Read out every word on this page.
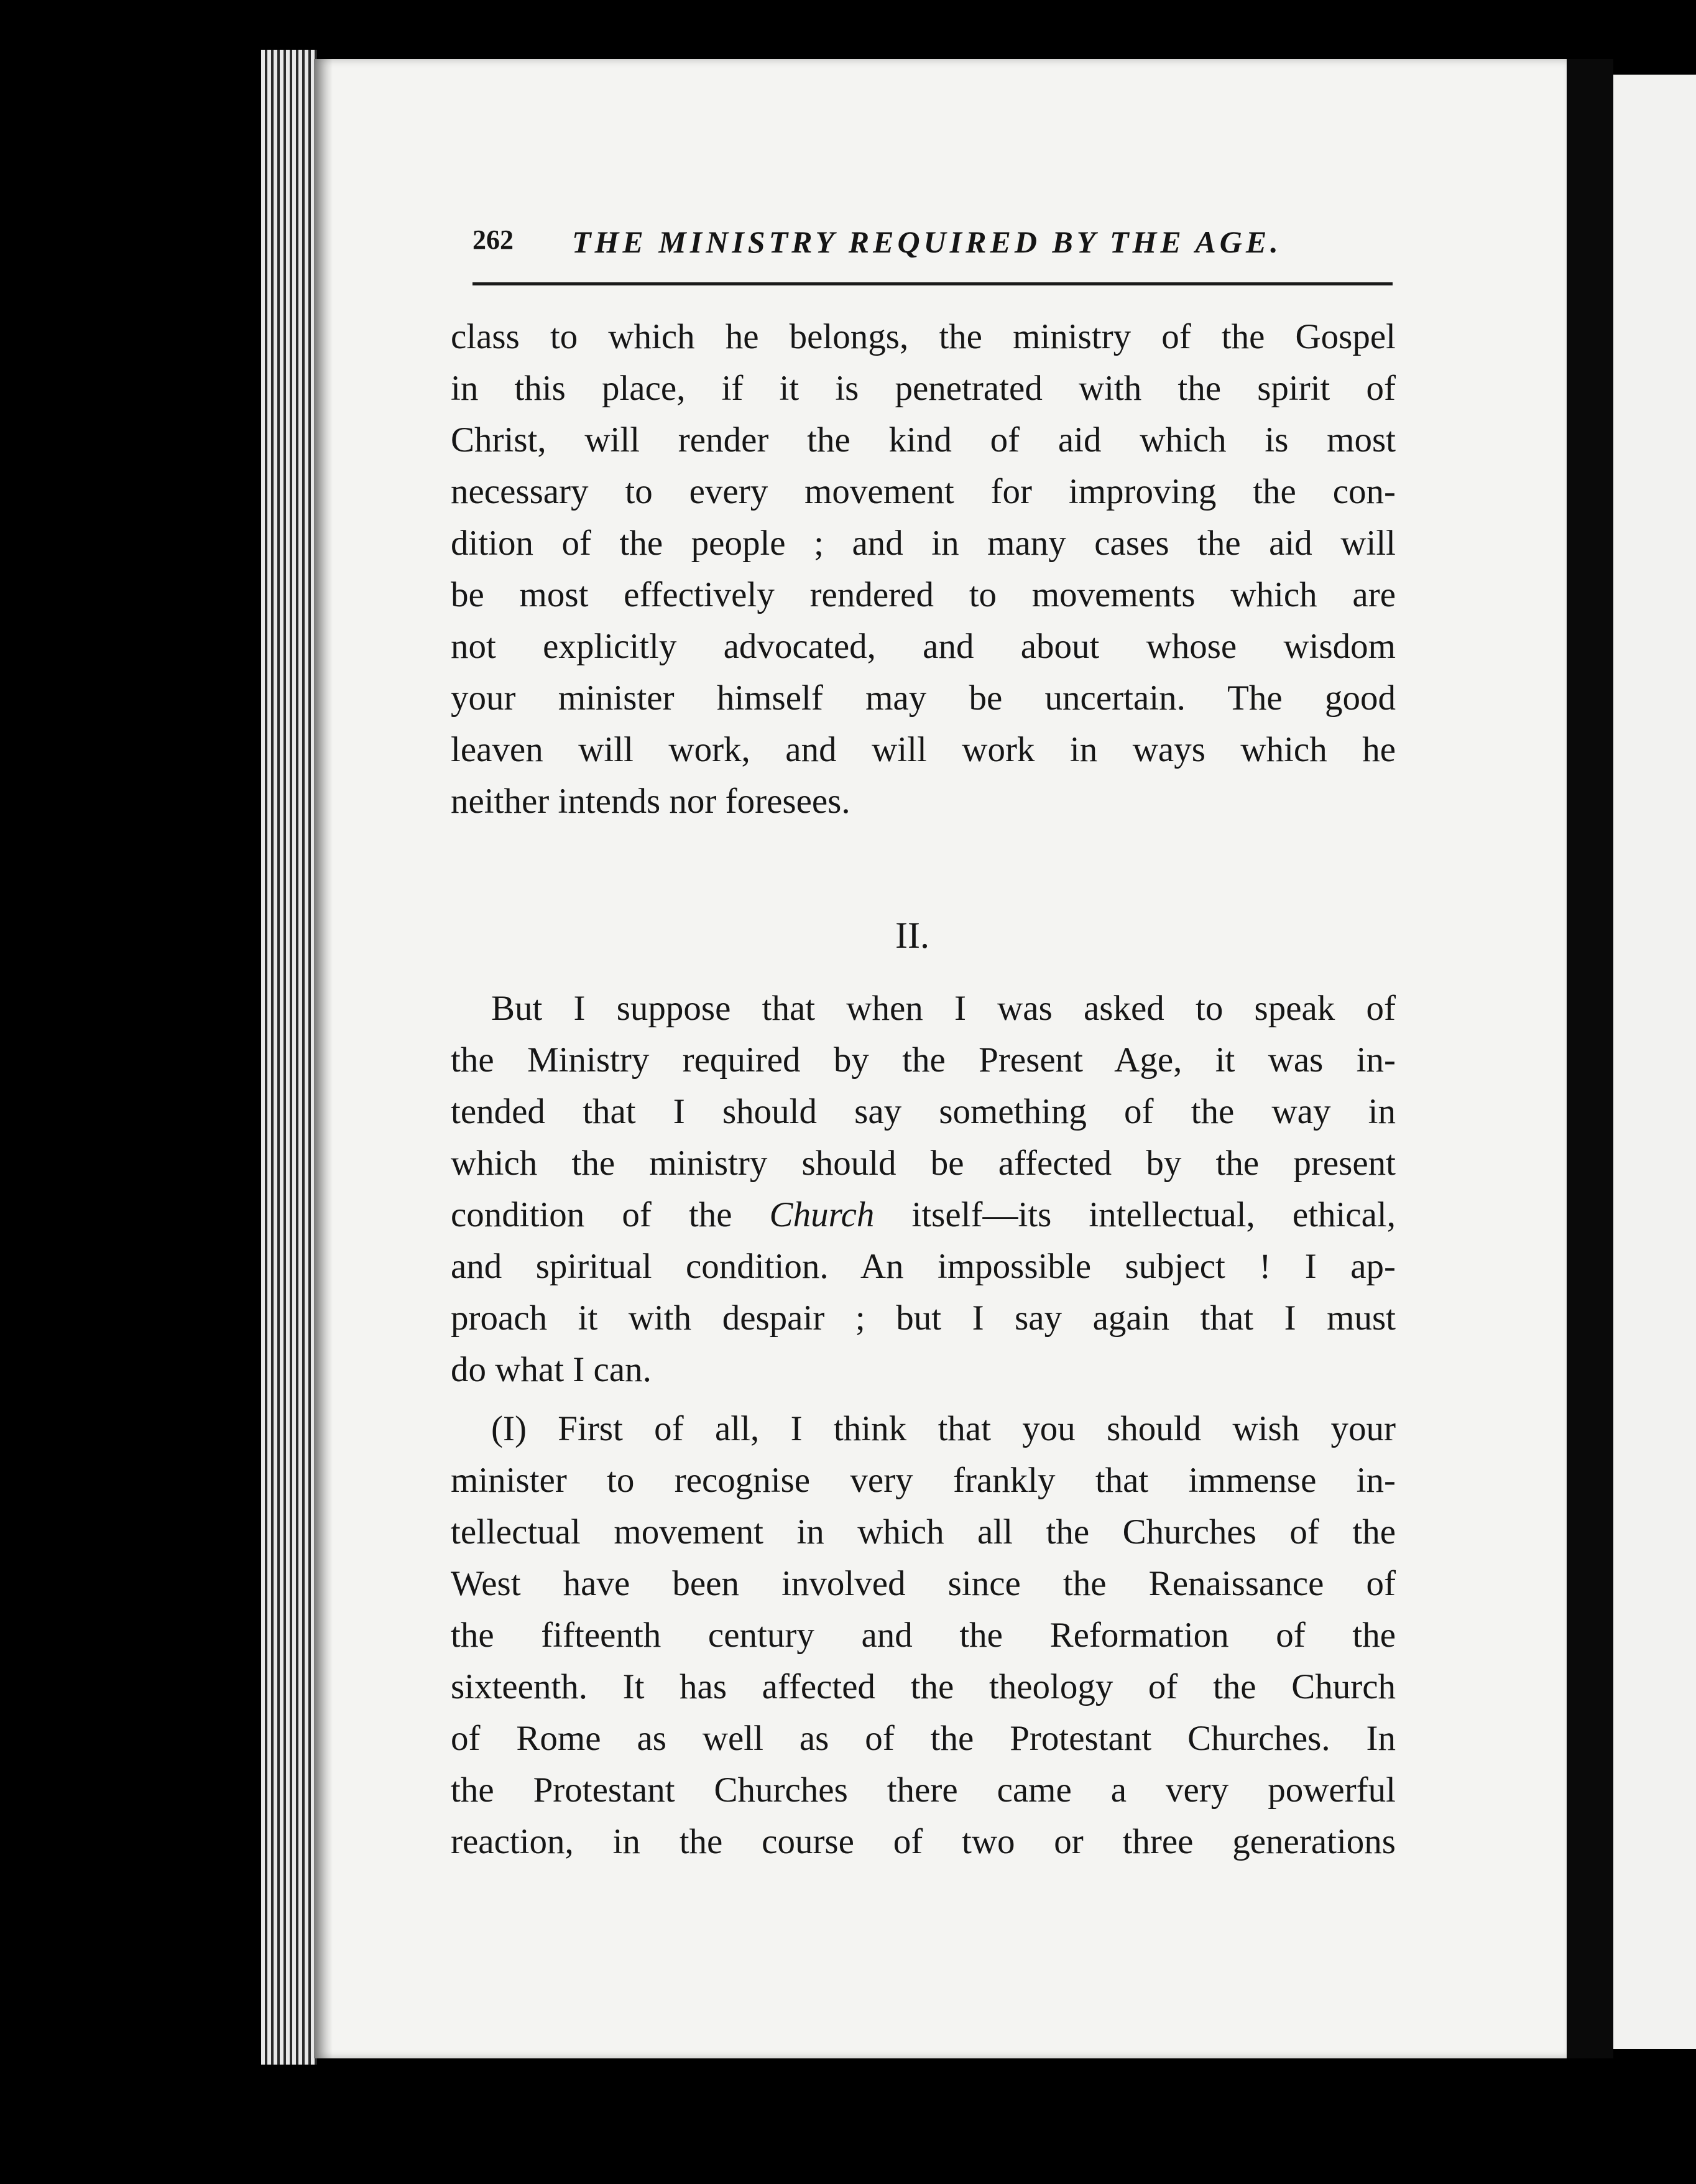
262 THE MINISTRY REQUIRED BY THE AGE.
class to which he belongs, the ministry of the Gospel
in this place, if it is penetrated with the spirit of
Christ, will render the kind of aid which is most
necessary to every movement for improving the con-
dition of the people ; and in many cases the aid will
be most effectively rendered to movements which are
not explicitly advocated, and about whose wisdom
your minister himself may be uncertain. The good
leaven will work, and will work in ways which he
neither intends nor foresees.
II.
But I suppose that when I was asked to speak of
the Ministry required by the Present Age, it was in-
tended that I should say something of the way in
which the ministry should be affected by the present
condition of the Church itself—its intellectual, ethical,
and spiritual condition. An impossible subject ! I ap-
proach it with despair ; but I say again that I must
do what I can.
(I) First of all, I think that you should wish your
minister to recognise very frankly that immense in-
tellectual movement in which all the Churches of the
West have been involved since the Renaissance of
the fifteenth century and the Reformation of the
sixteenth. It has affected the theology of the Church
of Rome as well as of the Protestant Churches. In
the Protestant Churches there came a very powerful
reaction, in the course of two or three generations
